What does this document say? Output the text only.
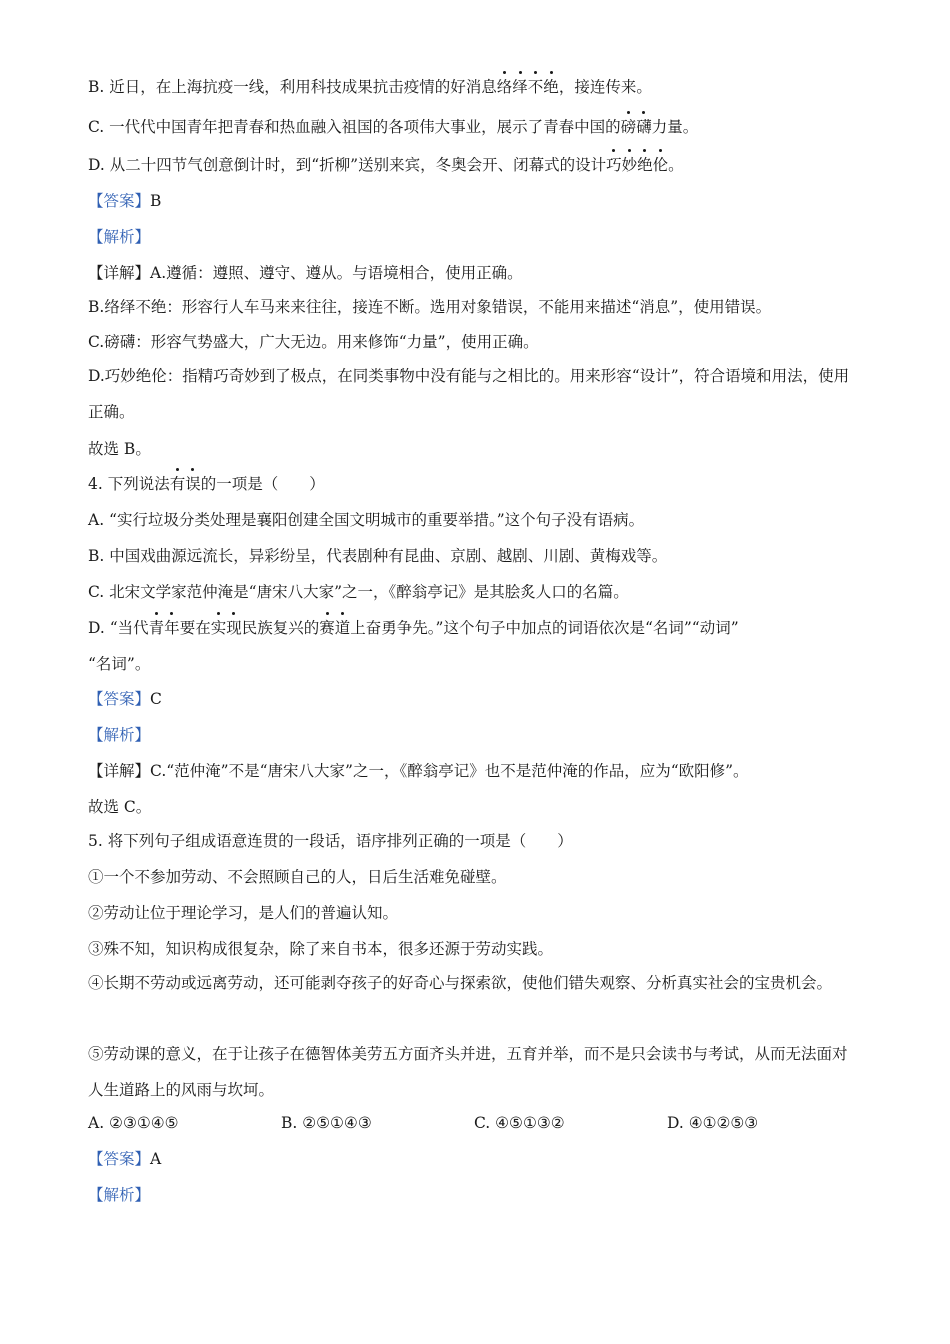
B. 近日，在上海抗疫一线，利用科技成果抗击疫情的好消息络绎不绝，接连传来。

C. 一代代中国青年把青春和热血融入祖国的各项伟大事业，展示了青春中国的磅礴力量。

D. 从二十四节气创意倒计时，到“折柳”送别来宾，冬奥会开、闭幕式的设计巧妙绝伦。

【答案】B

【解析】

【详解】A.遵循：遵照、遵守、遵从。与语境相合，使用正确。

B.络绎不绝：形容行人车马来来往往，接连不断。选用对象错误，不能用来描述“消息”，使用错误。

C.磅礴：形容气势盛大，广大无边。用来修饰“力量”，使用正确。

D.巧妙绝伦：指精巧奇妙到了极点，在同类事物中没有能与之相比的。用来形容“设计”，符合语境和用法，使用正确。

故选 B。

4. 下列说法有误的一项是（　　）

A. “实行垃圾分类处理是襄阳创建全国文明城市的重要举措。”这个句子没有语病。

B. 中国戏曲源远流长，异彩纷呈，代表剧种有昆曲、京剧、越剧、川剧、黄梅戏等。

C. 北宋文学家范仲淹是“唐宋八大家”之一，《醉翁亭记》是其脍炙人口的名篇。

D. “当代青年要在实现民族复兴的赛道上奋勇争先。”这个句子中加点的词语依次是“名词”“动词”

“名词”。

【答案】C

【解析】

【详解】C.“范仲淹”不是“唐宋八大家”之一，《醉翁亭记》也不是范仲淹的作品，应为“欧阳修”。

故选 C。

5. 将下列句子组成语意连贯的一段话，语序排列正确的一项是（　　）

①一个不参加劳动、不会照顾自己的人，日后生活难免碰壁。

②劳动让位于理论学习，是人们的普遍认知。

③殊不知，知识构成很复杂，除了来自书本，很多还源于劳动实践。

④长期不劳动或远离劳动，还可能剥夺孩子的好奇心与探索欲，使他们错失观察、分析真实社会的宝贵机会。

⑤劳动课的意义，在于让孩子在德智体美劳五方面齐头并进，五育并举，而不是只会读书与考试，从而无法面对人生道路上的风雨与坎坷。

A. ②③①④⑤	B. ②⑤①④③	C. ④⑤①③②	D. ④①②⑤③

【答案】A

【解析】
